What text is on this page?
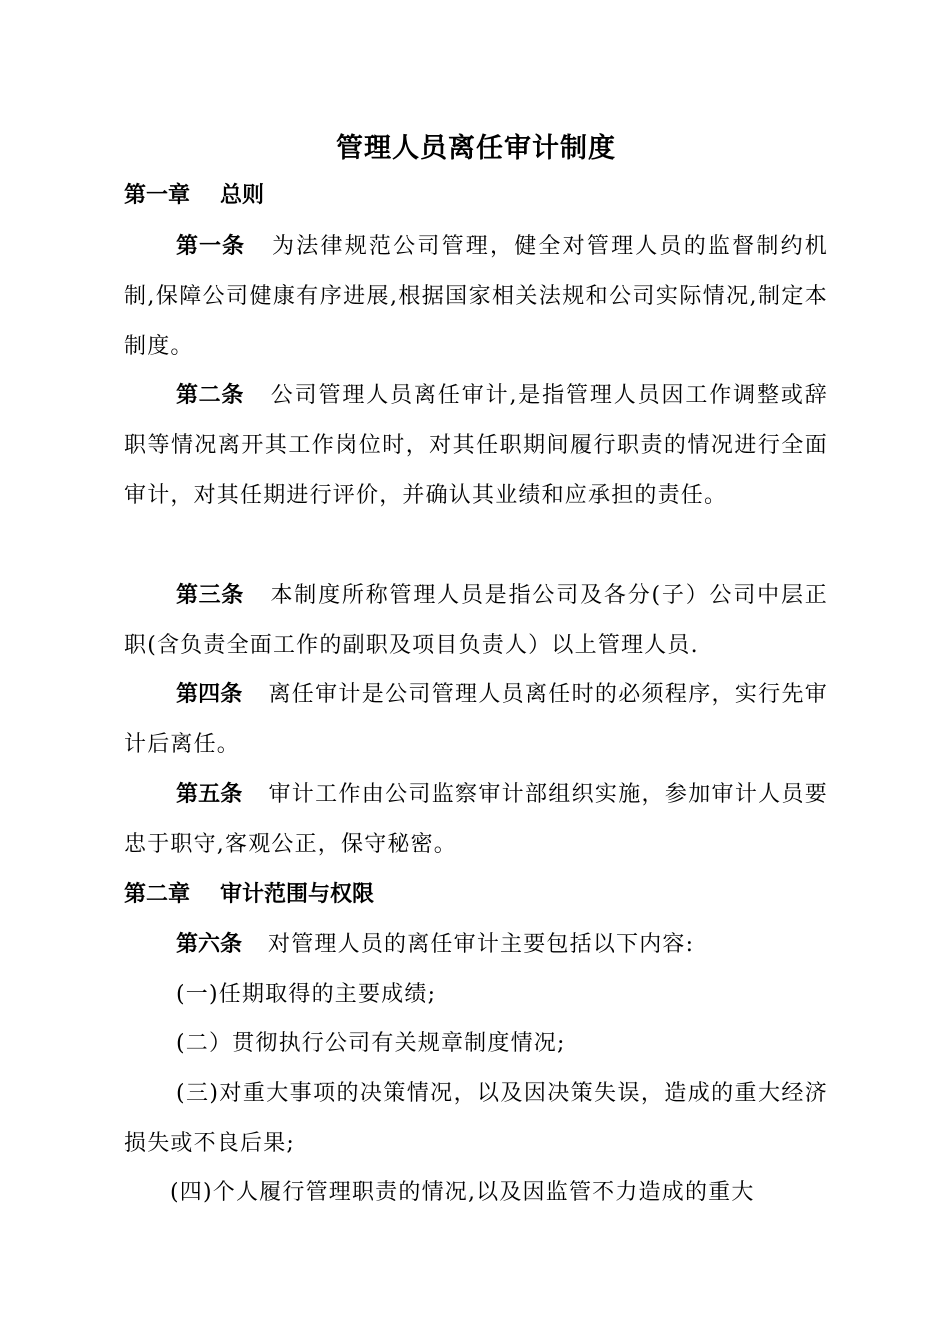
管理人员离任审计制度
第一章 总则
第一条 为法律规范公司管理，健全对管理人员的监督制约机制,保障公司健康有序进展,根据国家相关法规和公司实际情况,制定本制度。
第二条 公司管理人员离任审计,是指管理人员因工作调整或辞职等情况离开其工作岗位时，对其任职期间履行职责的情况进行全面审计，对其任期进行评价，并确认其业绩和应承担的责任。
第三条 本制度所称管理人员是指公司及各分(子）公司中层正职(含负责全面工作的副职及项目负责人）以上管理人员.
第四条 离任审计是公司管理人员离任时的必须程序，实行先审计后离任。
第五条 审计工作由公司监察审计部组织实施，参加审计人员要忠于职守,客观公正，保守秘密。
第二章 审计范围与权限
第六条 对管理人员的离任审计主要包括以下内容:
(一)任期取得的主要成绩;
(二）贯彻执行公司有关规章制度情况;
(三)对重大事项的决策情况，以及因决策失误，造成的重大经济损失或不良后果;
(四)个人履行管理职责的情况,以及因监管不力造成的重大
